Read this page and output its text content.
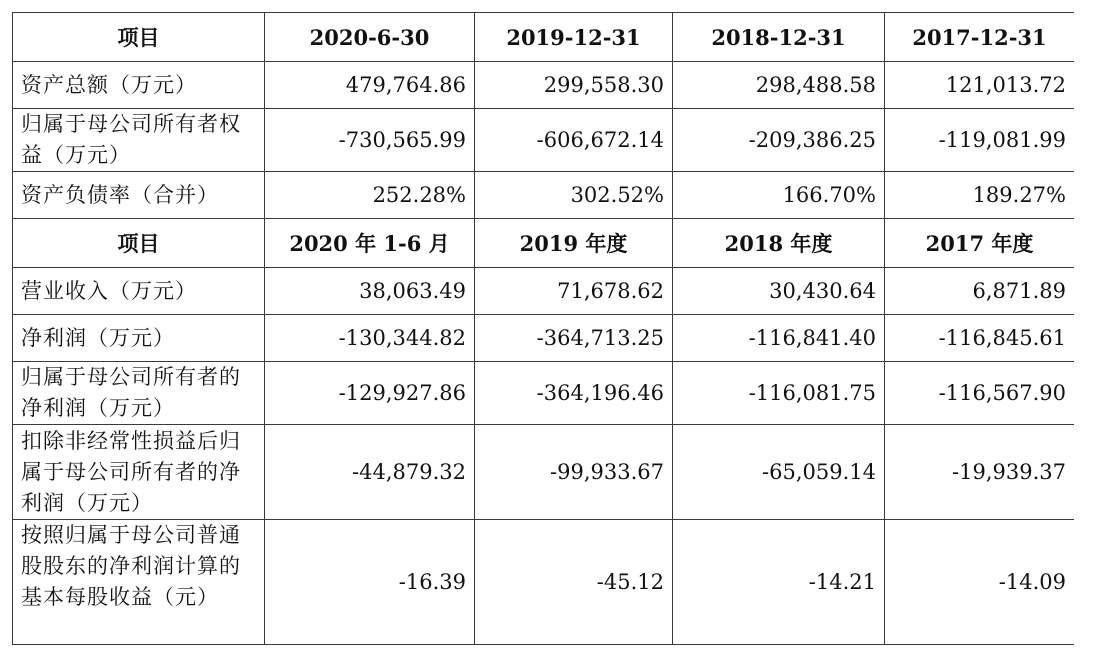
项目	2020-6-30	2019-12-31	2018-12-31	2017-12-31
资产总额（万元）	479,764.86	299,558.30	298,488.58	121,013.72
归属于母公司所有者权益（万元）	-730,565.99	-606,672.14	-209,386.25	-119,081.99
资产负债率（合并）	252.28%	302.52%	166.70%	189.27%
项目	2020 年 1-6 月	2019 年度	2018 年度	2017 年度
营业收入（万元）	38,063.49	71,678.62	30,430.64	6,871.89
净利润（万元）	-130,344.82	-364,713.25	-116,841.40	-116,845.61
归属于母公司所有者的净利润（万元）	-129,927.86	-364,196.46	-116,081.75	-116,567.90
扣除非经常性损益后归属于母公司所有者的净利润（万元）	-44,879.32	-99,933.67	-65,059.14	-19,939.37
按照归属于母公司普通股股东的净利润计算的基本每股收益（元）	-16.39	-45.12	-14.21	-14.09
